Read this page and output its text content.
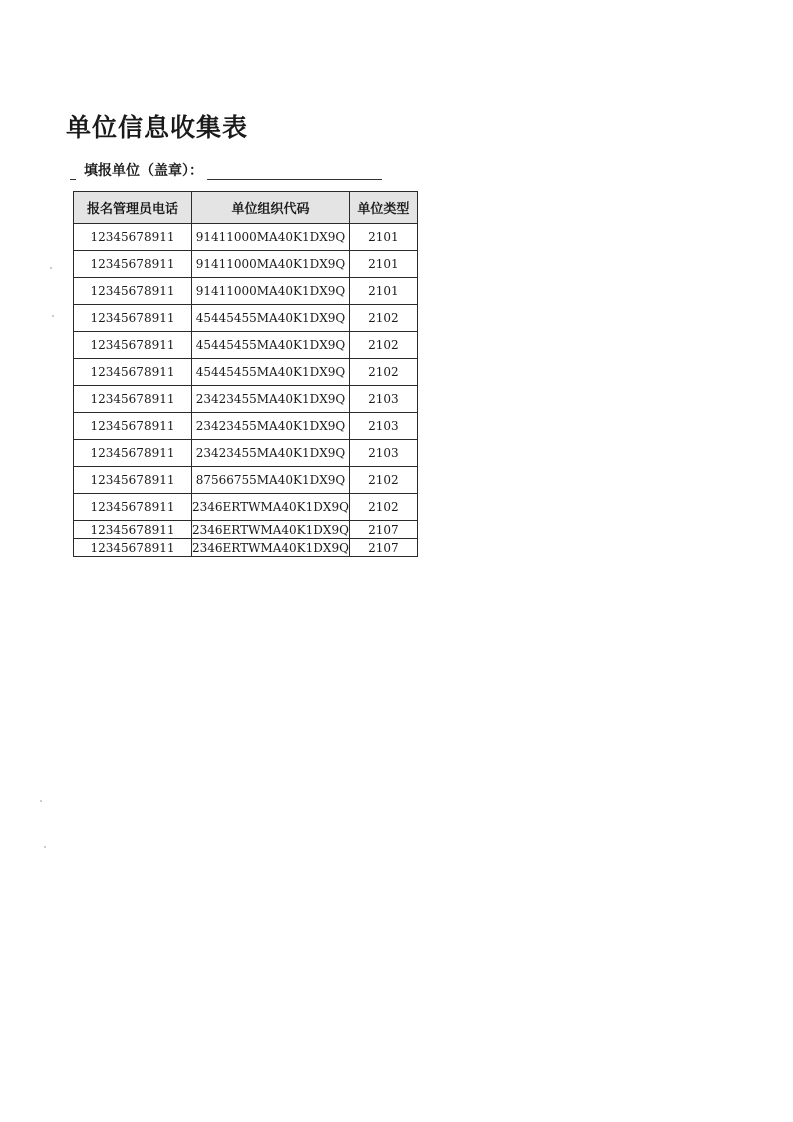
单位信息收集表
填报单位（盖章）：
报名管理员电话	单位组织代码	单位类型
12345678911	91411000MA40K1DX9Q	2101
12345678911	91411000MA40K1DX9Q	2101
12345678911	91411000MA40K1DX9Q	2101
12345678911	45445455MA40K1DX9Q	2102
12345678911	45445455MA40K1DX9Q	2102
12345678911	45445455MA40K1DX9Q	2102
12345678911	23423455MA40K1DX9Q	2103
12345678911	23423455MA40K1DX9Q	2103
12345678911	23423455MA40K1DX9Q	2103
12345678911	87566755MA40K1DX9Q	2102
12345678911	2346ERTWMA40K1DX9Q	2102
12345678911	2346ERTWMA40K1DX9Q	2107
12345678911	2346ERTWMA40K1DX9Q	2107
